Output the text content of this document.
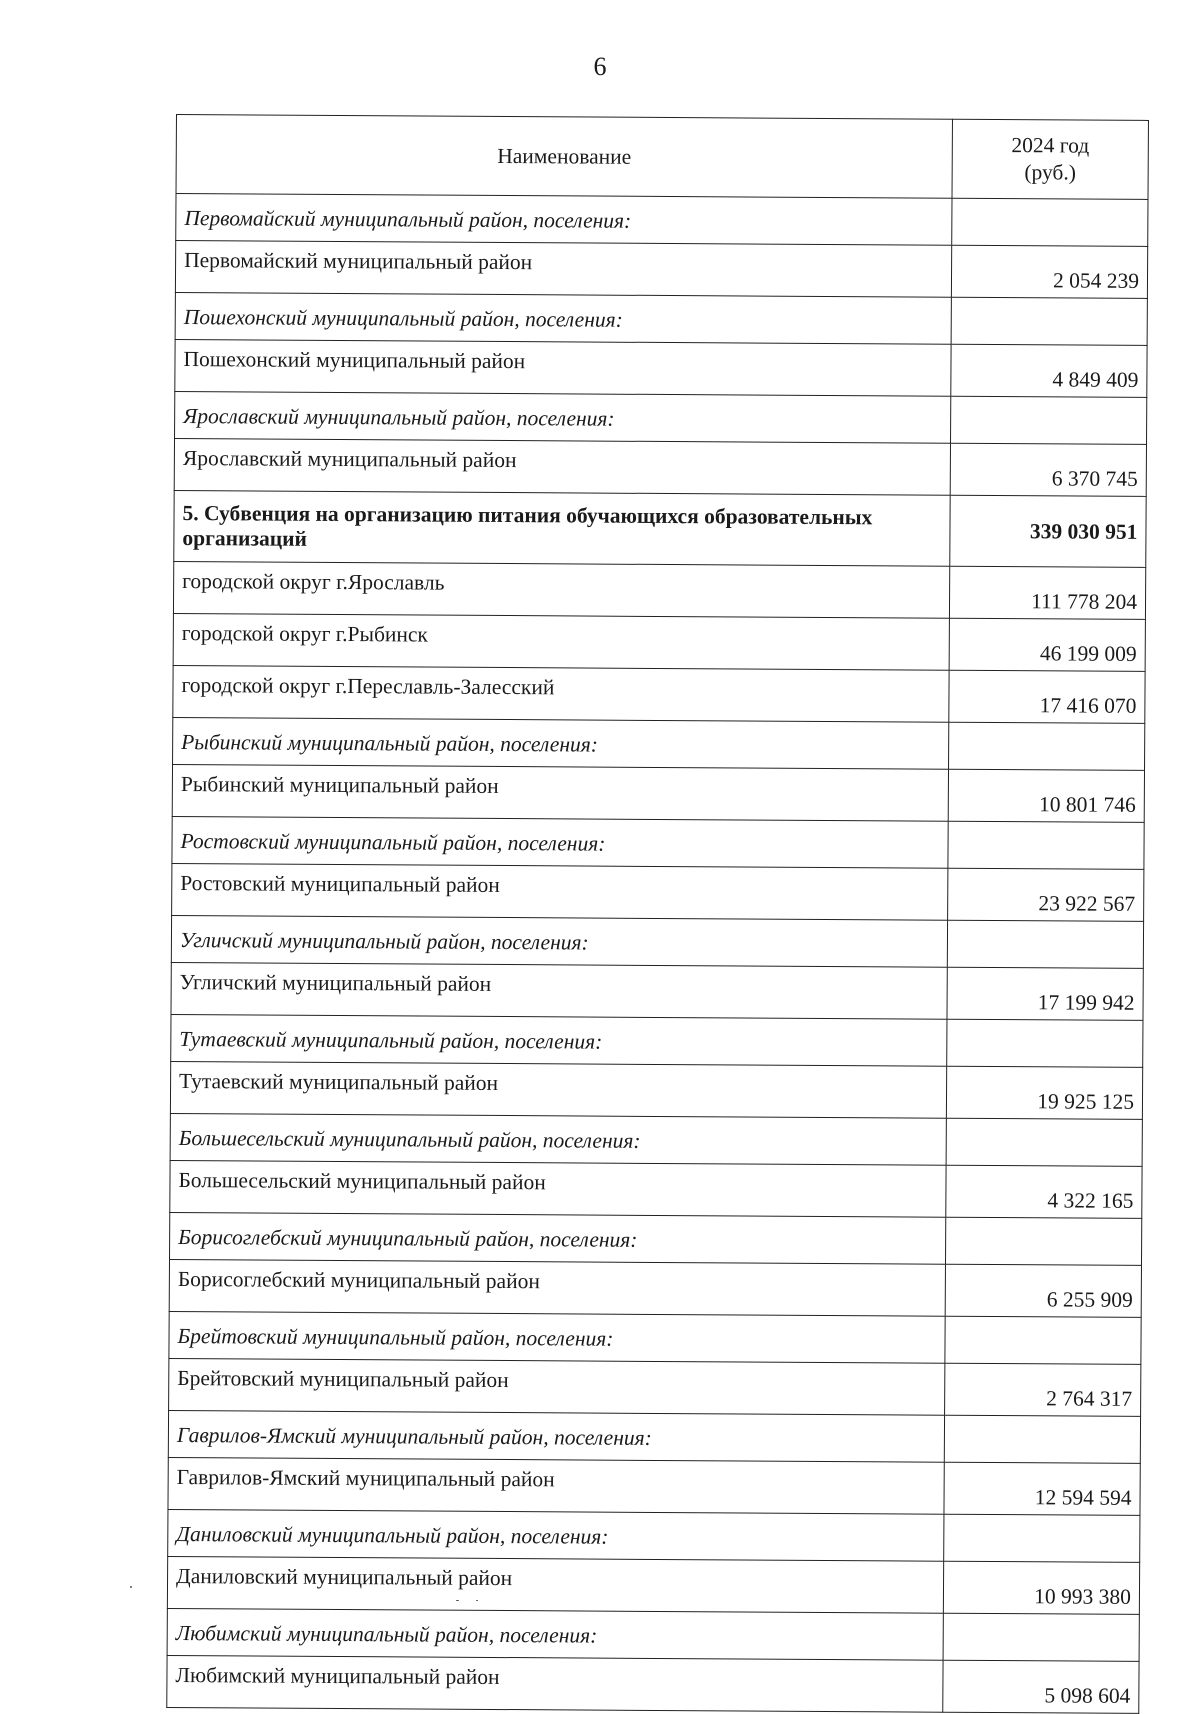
6
Наименование	2024 год
(руб.)
Первомайский муниципальный район, поселения:	
Первомайский муниципальный район	2 054 239
Пошехонский муниципальный район, поселения:	
Пошехонский муниципальный район	4 849 409
Ярославский муниципальный район, поселения:	
Ярославский муниципальный район	6 370 745
5. Субвенция на организацию питания обучающихся образовательных организаций	339 030 951
городской округ г.Ярославль	111 778 204
городской округ г.Рыбинск	46 199 009
городской округ г.Переславль-Залесский	17 416 070
Рыбинский муниципальный район, поселения:	
Рыбинский муниципальный район	10 801 746
Ростовский муниципальный район, поселения:	
Ростовский муниципальный район	23 922 567
Угличский муниципальный район, поселения:	
Угличский муниципальный район	17 199 942
Тутаевский муниципальный район, поселения:	
Тутаевский муниципальный район	19 925 125
Большесельский муниципальный район, поселения:	
Большесельский муниципальный район	4 322 165
Борисоглебский муниципальный район, поселения:	
Борисоглебский муниципальный район	6 255 909
Брейтовский муниципальный район, поселения:	
Брейтовский муниципальный район	2 764 317
Гаврилов-Ямский муниципальный район, поселения:	
Гаврилов-Ямский муниципальный район	12 594 594
Даниловский муниципальный район, поселения:	
Даниловский муниципальный район	10 993 380
Любимский муниципальный район, поселения:	
Любимский муниципальный район	5 098 604
